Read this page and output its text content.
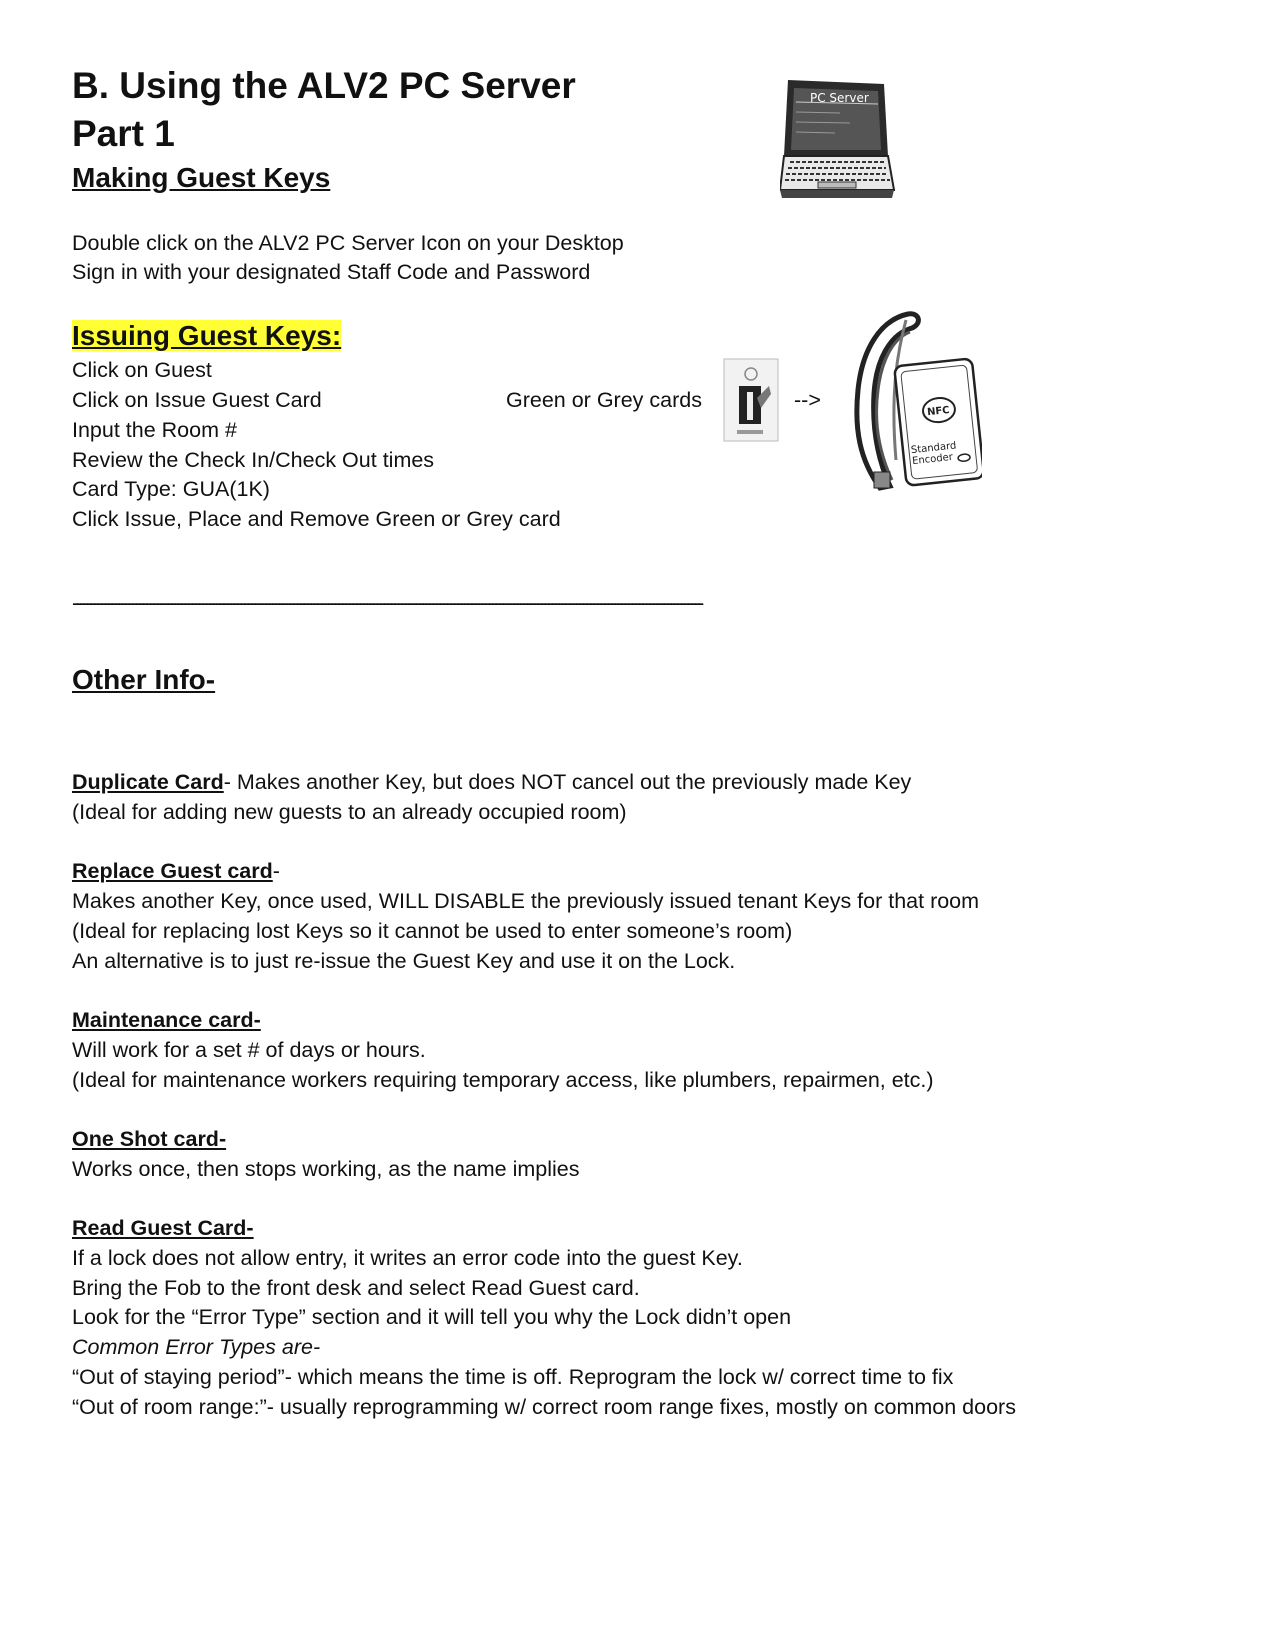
B. Using the ALV2 PC Server
Part 1
Making Guest Keys
PC Server
Double click on the ALV2 PC Server Icon on your Desktop
Sign in with your designated Staff Code and Password
Issuing Guest Keys:
Click on Guest
Click on Issue Guest Card
Input the Room #
Review the Check In/Check Out times
Card Type: GUA(1K)
Click Issue, Place and Remove Green or Grey card
Green or Grey cards	-->	NFC
Standard
Encoder
------------------------------------------------------------------------------------------------------------------------------------------------------------------------------------
Other Info-
Duplicate Card- Makes another Key, but does NOT cancel out the previously made Key
(Ideal for adding new guests to an already occupied room)
Replace Guest card-
Makes another Key, once used, WILL DISABLE the previously issued tenant Keys for that room
(Ideal for replacing lost Keys so it cannot be used to enter someone’s room)
An alternative is to just re-issue the Guest Key and use it on the Lock.
Maintenance card-
Will work for a set # of days or hours.
(Ideal for maintenance workers requiring temporary access, like plumbers, repairmen, etc.)
One Shot card-
Works once, then stops working, as the name implies
Read Guest Card-
If a lock does not allow entry, it writes an error code into the guest Key.
Bring the Fob to the front desk and select Read Guest card.
Look for the “Error Type” section and it will tell you why the Lock didn’t open
Common Error Types are-
“Out of staying period”- which means the time is off. Reprogram the lock w/ correct time to fix
“Out of room range:”- usually reprogramming w/ correct room range fixes, mostly on common doors
